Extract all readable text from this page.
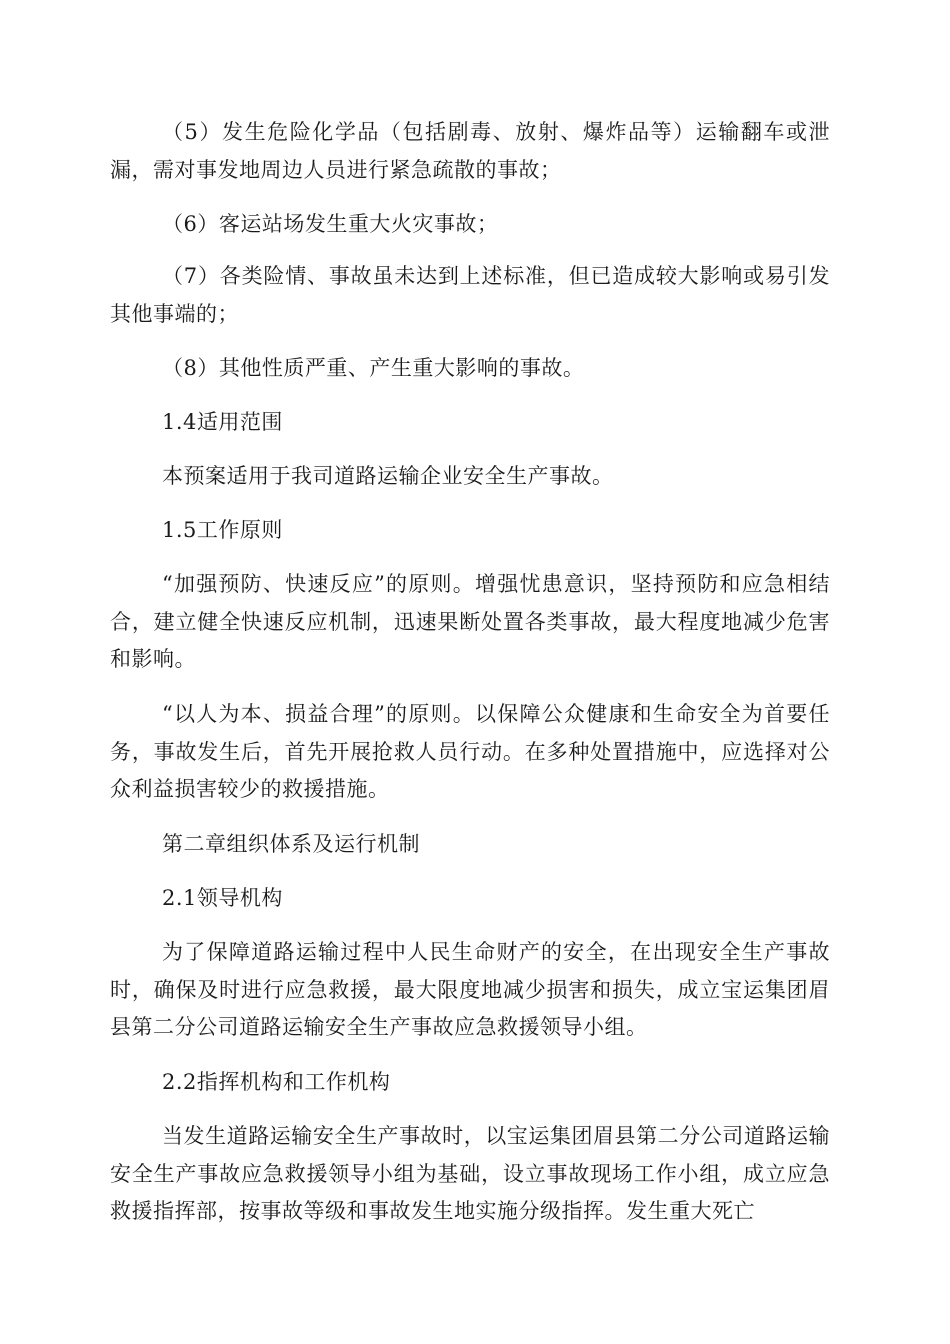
（5）发生危险化学品（包括剧毒、放射、爆炸品等）运输翻车或泄漏，需对事发地周边人员进行紧急疏散的事故；

（6）客运站场发生重大火灾事故；

（7）各类险情、事故虽未达到上述标准，但已造成较大影响或易引发其他事端的；

（8）其他性质严重、产生重大影响的事故。

1.4适用范围

本预案适用于我司道路运输企业安全生产事故。

1.5工作原则

“加强预防、快速反应”的原则。增强忧患意识，坚持预防和应急相结合，建立健全快速反应机制，迅速果断处置各类事故，最大程度地减少危害和影响。

“以人为本、损益合理”的原则。以保障公众健康和生命安全为首要任务，事故发生后，首先开展抢救人员行动。在多种处置措施中，应选择对公众利益损害较少的救援措施。

第二章组织体系及运行机制

2.1领导机构

为了保障道路运输过程中人民生命财产的安全，在出现安全生产事故时，确保及时进行应急救援，最大限度地减少损害和损失，成立宝运集团眉县第二分公司道路运输安全生产事故应急救援领导小组。

2.2指挥机构和工作机构

当发生道路运输安全生产事故时，以宝运集团眉县第二分公司道路运输安全生产事故应急救援领导小组为基础，设立事故现场工作小组，成立应急救援指挥部，按事故等级和事故发生地实施分级指挥。发生重大死亡
